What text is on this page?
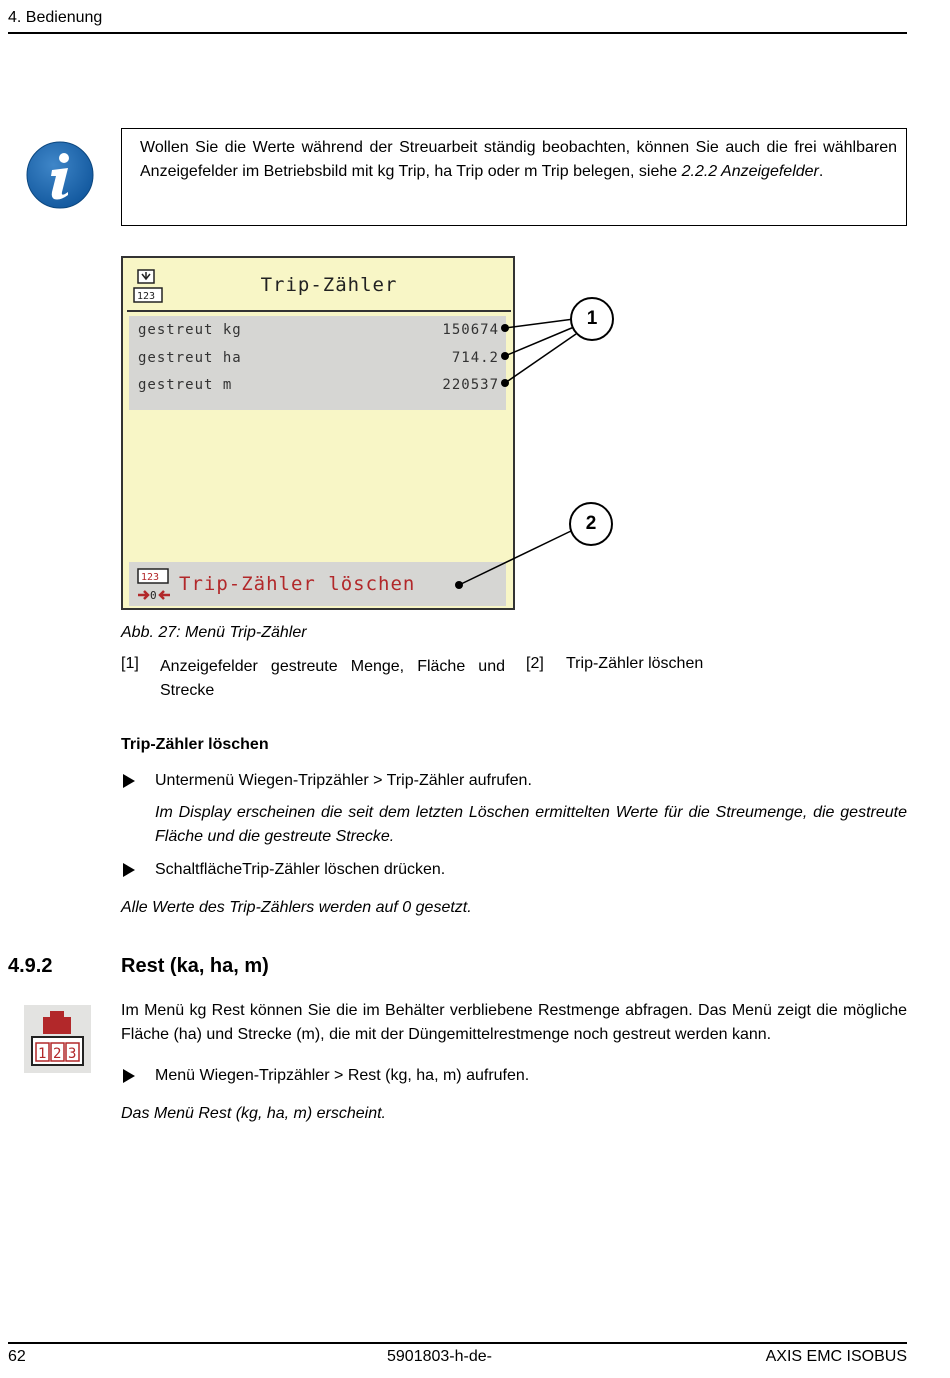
4. Bedienung
Wollen Sie die Werte während der Streuarbeit ständig beobachten, können Sie auch die frei wählbaren Anzeigefelder im Betriebsbild mit kg Trip, ha Trip oder m Trip belegen, siehe 2.2.2 Anzeigefelder.
123
Trip-Zähler
gestreut kg	150674
gestreut ha	714.2
gestreut m	220537
123
0
Trip-Zähler löschen
1
2
Abb. 27: Menü Trip-Zähler
[1] Anzeigefelder gestreute Menge, Fläche und Strecke
[2] Trip-Zähler löschen
Trip-Zähler löschen
Untermenü Wiegen-Tripzähler > Trip-Zähler aufrufen.
Im Display erscheinen die seit dem letzten Löschen ermittelten Werte für die Streumenge, die gestreute Fläche und die gestreute Strecke.
SchaltflächeTrip-Zähler löschen drücken.
Alle Werte des Trip-Zählers werden auf 0 gesetzt.
4.9.2	Rest (ka, ha, m)
1 2 3
Im Menü kg Rest können Sie die im Behälter verbliebene Restmenge abfragen. Das Menü zeigt die mögliche Fläche (ha) und Strecke (m), die mit der Düngemittelrestmenge noch gestreut werden kann.
Menü Wiegen-Tripzähler > Rest (kg, ha, m) aufrufen.
Das Menü Rest (kg, ha, m) erscheint.
62	5901803-h-de-	AXIS EMC ISOBUS
